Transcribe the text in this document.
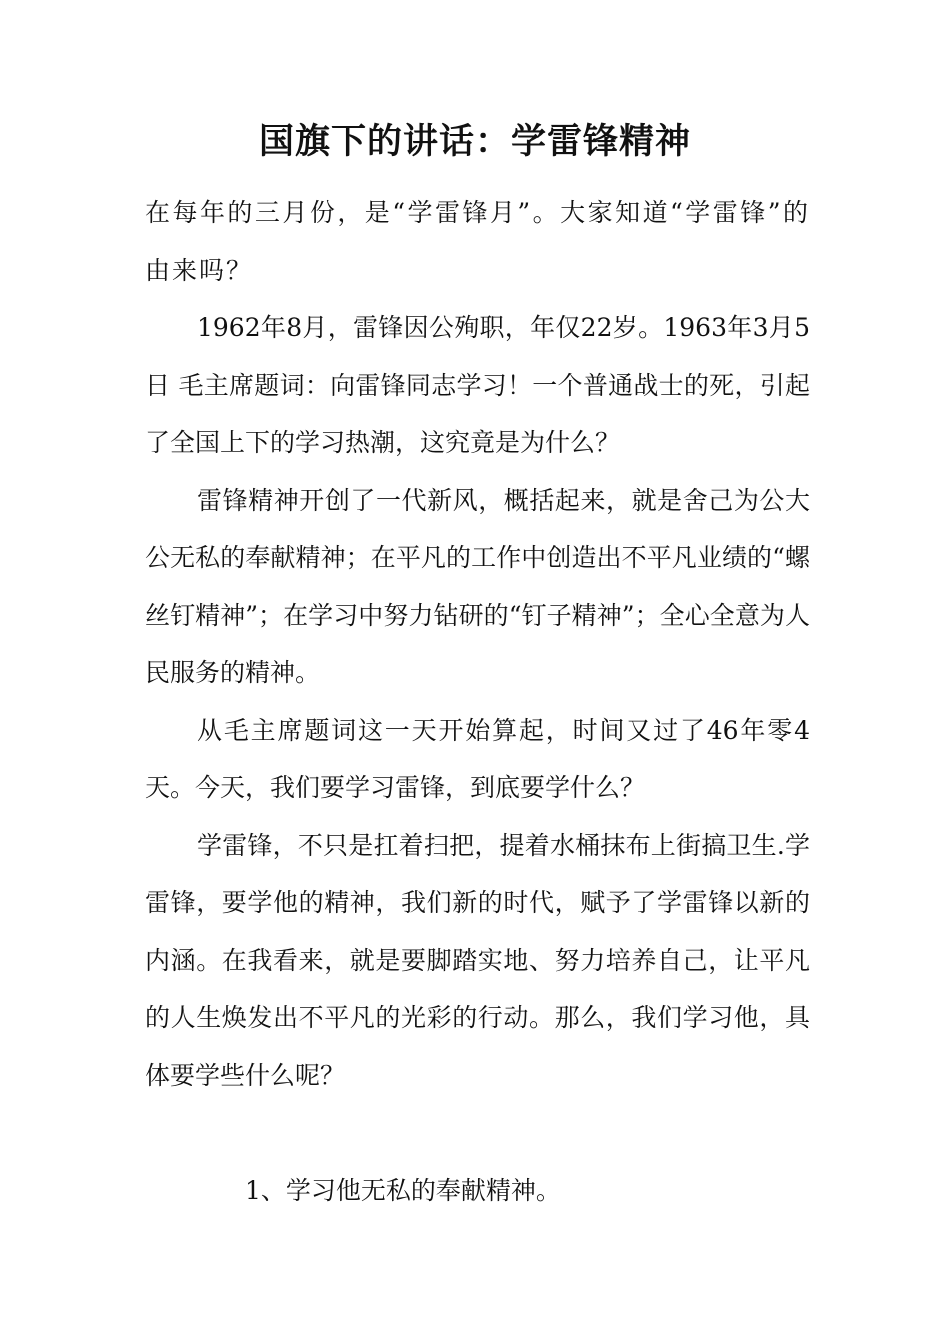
国旗下的讲话：学雷锋精神

在每年的三月份，是“学雷锋月”。大家知道“学雷锋”的由来吗？

1962年8月，雷锋因公殉职，年仅22岁。1963年3月5日 毛主席题词：向雷锋同志学习！一个普通战士的死，引起了全国上下的学习热潮，这究竟是为什么？

雷锋精神开创了一代新风，概括起来，就是舍己为公大公无私的奉献精神；在平凡的工作中创造出不平凡业绩的“螺丝钉精神”；在学习中努力钻研的“钉子精神”；全心全意为人民服务的精神。

从毛主席题词这一天开始算起，时间又过了46年零4天。今天，我们要学习雷锋，到底要学什么？

学雷锋，不只是扛着扫把，提着水桶抹布上街搞卫生.学雷锋，要学他的精神，我们新的时代，赋予了学雷锋以新的内涵。在我看来，就是要脚踏实地、努力培养自己，让平凡的人生焕发出不平凡的光彩的行动。那么，我们学习他，具体要学些什么呢？

1、学习他无私的奉献精神。
